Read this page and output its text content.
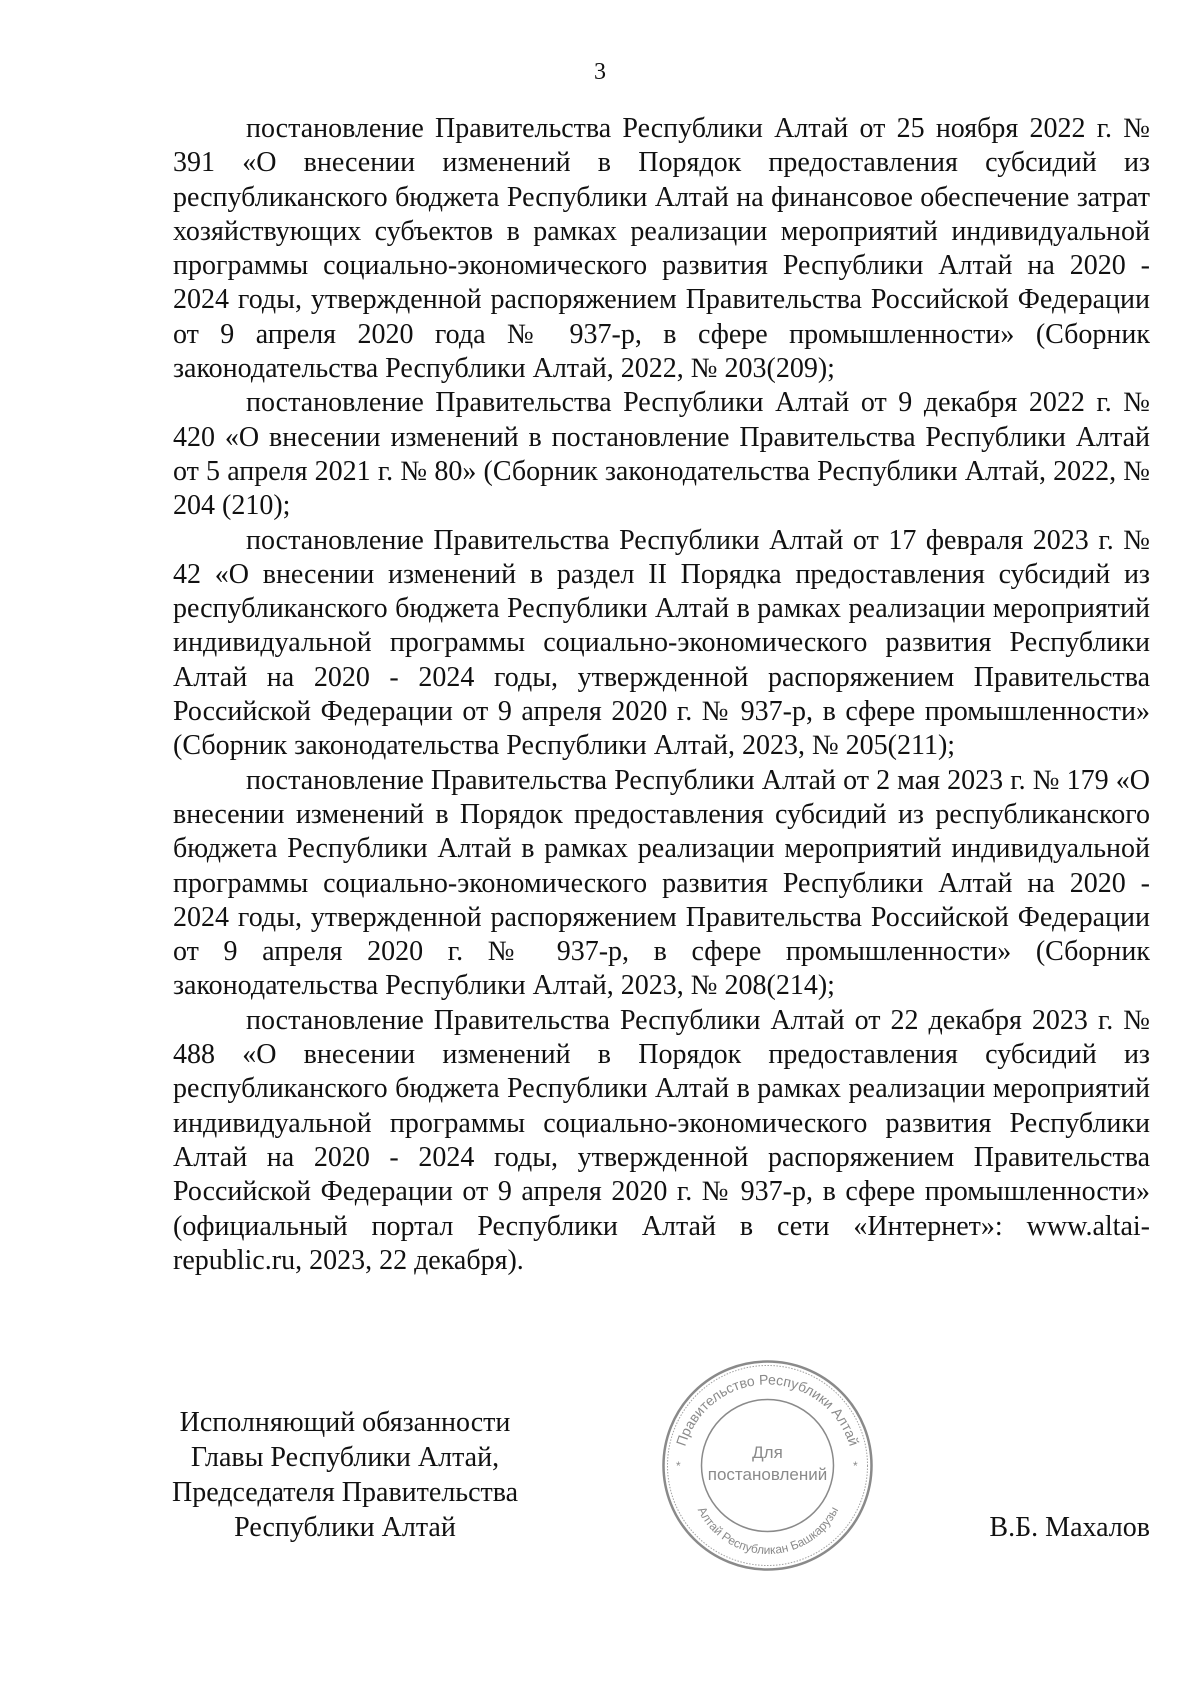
3

постановление Правительства Республики Алтай от 25 ноября 2022 г. № 391 «О внесении изменений в Порядок предоставления субсидий из республиканского бюджета Республики Алтай на финансовое обеспечение затрат хозяйствующих субъектов в рамках реализации мероприятий индивидуальной программы социально-экономического развития Республики Алтай на 2020 - 2024 годы, утвержденной распоряжением Правительства Российской Федерации от 9 апреля 2020 года № 937-р, в сфере промышленности» (Сборник законодательства Республики Алтай, 2022, № 203(209);

постановление Правительства Республики Алтай от 9 декабря 2022 г. № 420 «О внесении изменений в постановление Правительства Республики Алтай от 5 апреля 2021 г. № 80» (Сборник законодательства Республики Алтай, 2022, № 204 (210);

постановление Правительства Республики Алтай от 17 февраля 2023 г. № 42 «О внесении изменений в раздел II Порядка предоставления субсидий из республиканского бюджета Республики Алтай в рамках реализации мероприятий индивидуальной программы социально-экономического развития Республики Алтай на 2020 - 2024 годы, утвержденной распоряжением Правительства Российской Федерации от 9 апреля 2020 г. № 937-р, в сфере промышленности» (Сборник законодательства Республики Алтай, 2023, № 205(211);

постановление Правительства Республики Алтай от 2 мая 2023 г. № 179 «О внесении изменений в Порядок предоставления субсидий из республиканского бюджета Республики Алтай в рамках реализации мероприятий индивидуальной программы социально-экономического развития Республики Алтай на 2020 - 2024 годы, утвержденной распоряжением Правительства Российской Федерации от 9 апреля 2020 г. № 937-р, в сфере промышленности» (Сборник законодательства Республики Алтай, 2023, № 208(214);

постановление Правительства Республики Алтай от 22 декабря 2023 г. № 488 «О внесении изменений в Порядок предоставления субсидий из республиканского бюджета Республики Алтай в рамках реализации мероприятий индивидуальной программы социально-экономического развития Республики Алтай на 2020 - 2024 годы, утвержденной распоряжением Правительства Российской Федерации от 9 апреля 2020 г. № 937-р, в сфере промышленности» (официальный портал Республики Алтай в сети «Интернет»: www.altai-republic.ru, 2023, 22 декабря).

Исполняющий обязанности
Главы Республики Алтай,
Председателя Правительства
Республики Алтай
Правительство Республики Алтай
Алтай Республикан Башкарузы
*	*
Для
постановлений
В.Б. Махалов
